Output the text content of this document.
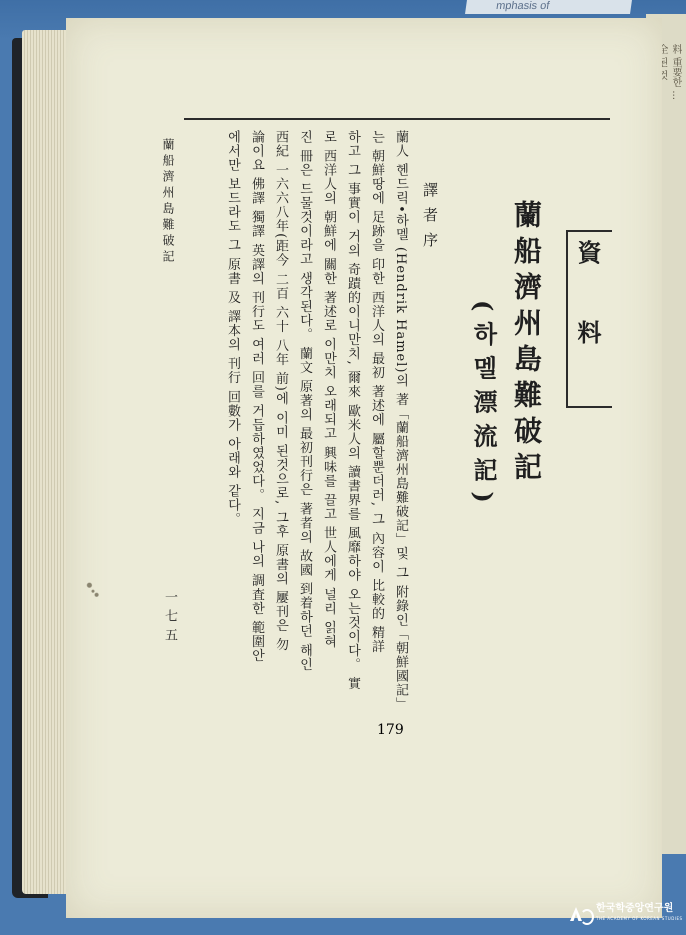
mphasis of
料 重要한 ...
資料
蘭船濟州島難破記
(하멜漂流記)
譯者序
蘭人 헨드릭•하멜 (Hendrik Hamel)의 著「蘭船濟州島難破記」및 그 附錄인「朝鮮國記」
는 朝鮮땅에 足跡을 印한 西洋人의 最初 著述에 屬할뿐더러, 그 內容이 比較的 精詳
하고 그 事實이 거의 奇蹟的이니만치, 爾來 歐米人의 讀書界를 風靡하야 오는것이다。 實
로 西洋人의 朝鮮에 關한 著述로 이만치 오래되고 興味를 끌고 世人에게 널리 읽혀
진 冊은 드물것이라고 생각된다。 蘭文 原著의 最初刊行은 著者의 故國 到着하던 해인
西紀 一六六八年(距今 二百 六十 八年 前)에 이미 된것으로, 그후 原書의 屢刊은 勿
論이요 佛譯 獨譯 英譯의 刊行도 여러 回를 거듭하였었다。 지금 나의 調査한 範圍안
에서만 보드라도 그 原書 及 譯本의 刊行 回數가 아래와 같다。
蘭船濟州島難破記
一七五
179
한국학중앙연구원
THE ACADEMY OF KOREAN STUDIES
